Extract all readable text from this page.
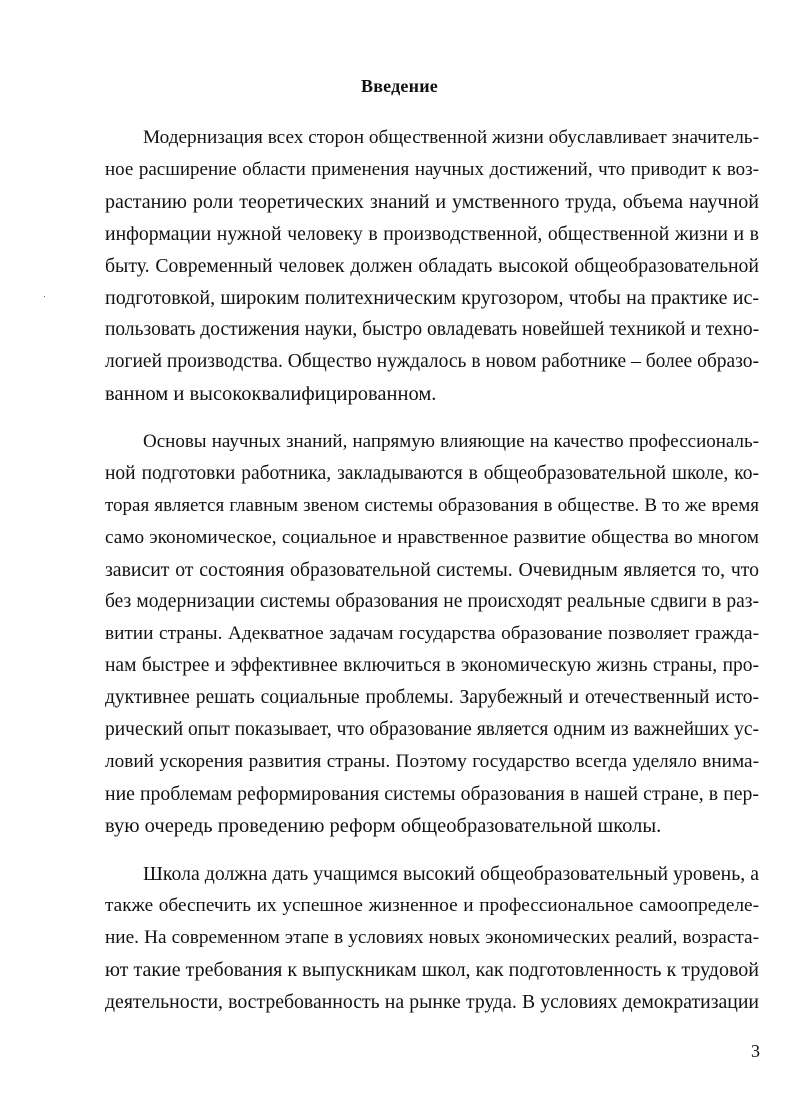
Введение
Модернизация всех сторон общественной жизни обуславливает значитель-
ное расширение области применения научных достижений, что приводит к воз-
растанию роли теоретических знаний и умственного труда, объема научной
информации нужной человеку в производственной, общественной жизни и в
быту. Современный человек должен обладать высокой общеобразовательной
подготовкой, широким политехническим кругозором, чтобы на практике ис-
пользовать достижения науки, быстро овладевать новейшей техникой и техно-
логией производства. Общество нуждалось в новом работнике – более образо-
ванном и высококвалифицированном.
Основы научных знаний, напрямую влияющие на качество профессиональ-
ной подготовки работника, закладываются в общеобразовательной школе, ко-
торая является главным звеном системы образования в обществе. В то же время
само экономическое, социальное и нравственное развитие общества во многом
зависит от состояния образовательной системы. Очевидным является то, что
без модернизации системы образования не происходят реальные сдвиги в раз-
витии страны. Адекватное задачам государства образование позволяет гражда-
нам быстрее и эффективнее включиться в экономическую жизнь страны, про-
дуктивнее решать социальные проблемы. Зарубежный и отечественный исто-
рический опыт показывает, что образование является одним из важнейших ус-
ловий ускорения развития страны. Поэтому государство всегда уделяло внима-
ние проблемам реформирования системы образования в нашей стране, в пер-
вую очередь проведению реформ общеобразовательной школы.
Школа должна дать учащимся высокий общеобразовательный уровень, а
также обеспечить их успешное жизненное и профессиональное самоопределе-
ние. На современном этапе в условиях новых экономических реалий, возраста-
ют такие требования к выпускникам школ, как подготовленность к трудовой
деятельности, востребованность на рынке труда. В условиях демократизации
3
